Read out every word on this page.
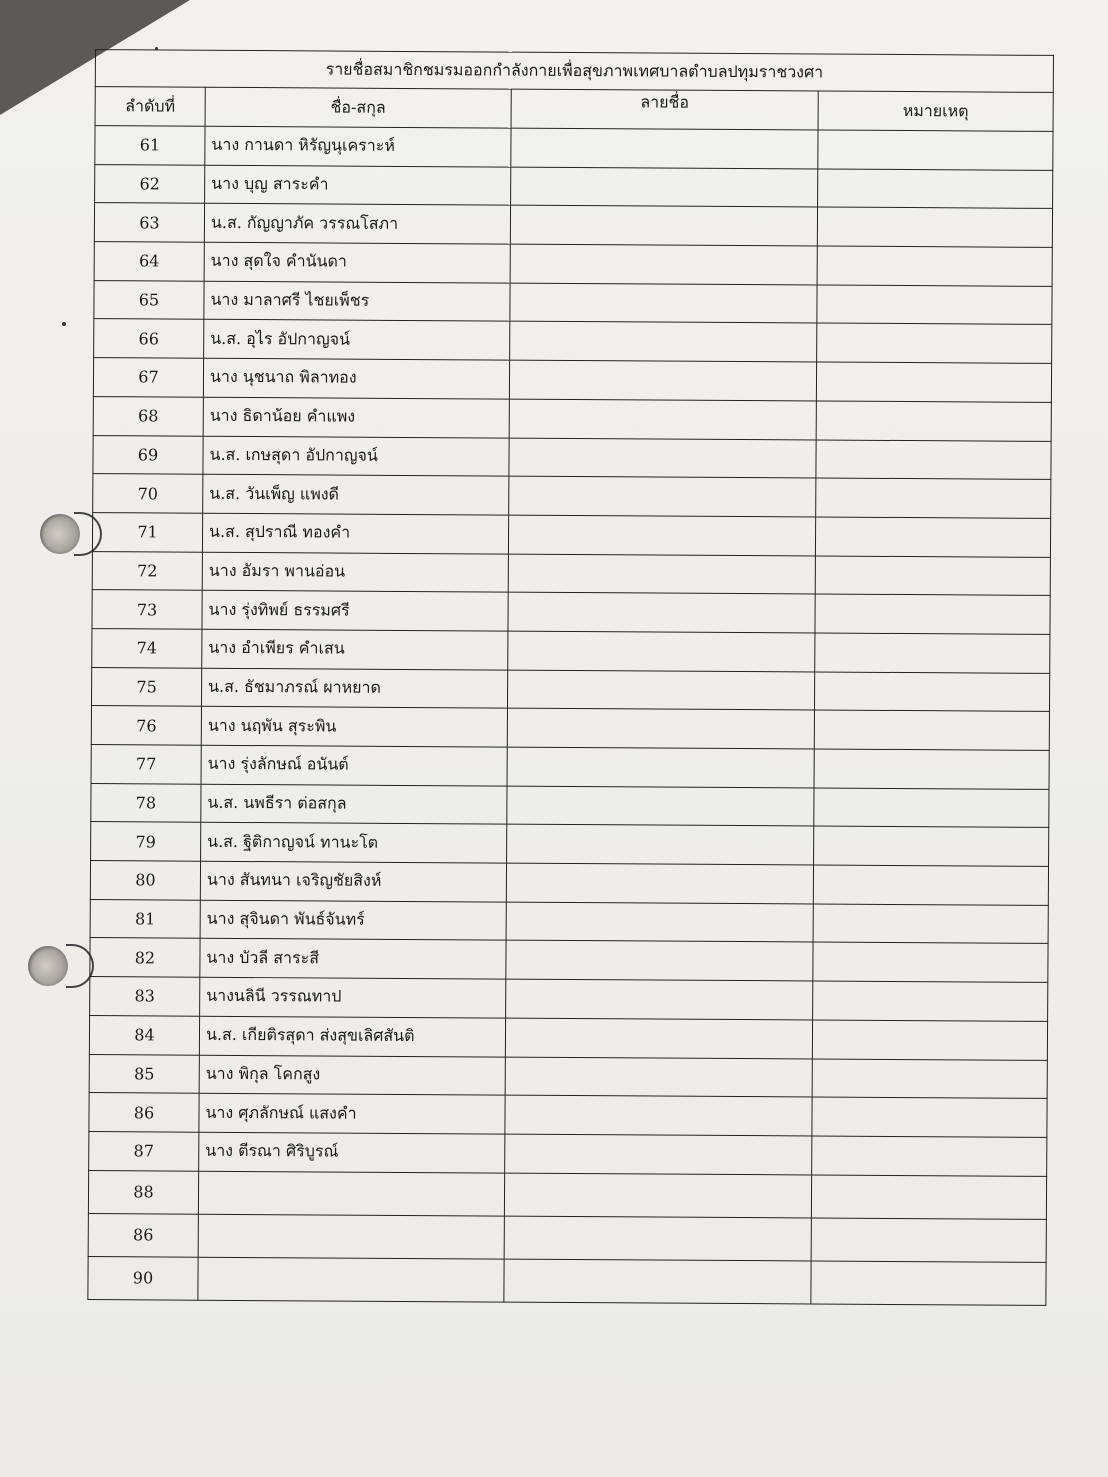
รายชื่อสมาชิกชมรมออกกำลังกายเพื่อสุขภาพเทศบาลตำบลปทุมราชวงศา			
ลำดับที่	ชื่อ-สกุล	ลายชื่อ	หมายเหตุ
61	นาง กานดา หิรัญนุเคราะห์		
62	นาง บุญ สาระคำ		
63	น.ส. กัญญาภัค วรรณโสภา		
64	นาง สุดใจ คำนันดา		
65	นาง มาลาศรี ไชยเพ็ชร		
66	น.ส. อุไร อัปกาญจน์		
67	นาง นุชนาถ พิลาทอง		
68	นาง ธิดาน้อย คำแพง		
69	น.ส. เกษสุดา อัปกาญจน์		
70	น.ส. วันเพ็ญ แพงดี		
71	น.ส. สุปราณี ทองคำ		
72	นาง อัมรา พานอ่อน		
73	นาง รุ่งทิพย์ ธรรมศรี		
74	นาง อำเพียร คำเสน		
75	น.ส. ธัชมาภรณ์ ผาหยาด		
76	นาง นฤพัน สุระพิน		
77	นาง รุ่งลักษณ์ อนันต์		
78	น.ส. นพธีรา ต่อสกุล		
79	น.ส. ฐิติกาญจน์ ทานะโต		
80	นาง สันทนา เจริญชัยสิงห์		
81	นาง สุจินดา พันธ์จันทร์		
82	นาง บัวลี สาระสี		
83	นางนลินี วรรณทาป		
84	น.ส. เกียติรสุดา ส่งสุขเลิศสันติ		
85	นาง พิกุล โคกสูง		
86	นาง ศุภลักษณ์ แสงคำ		
87	นาง ตีรณา ศิริบูรณ์		
88			
86			
90			
